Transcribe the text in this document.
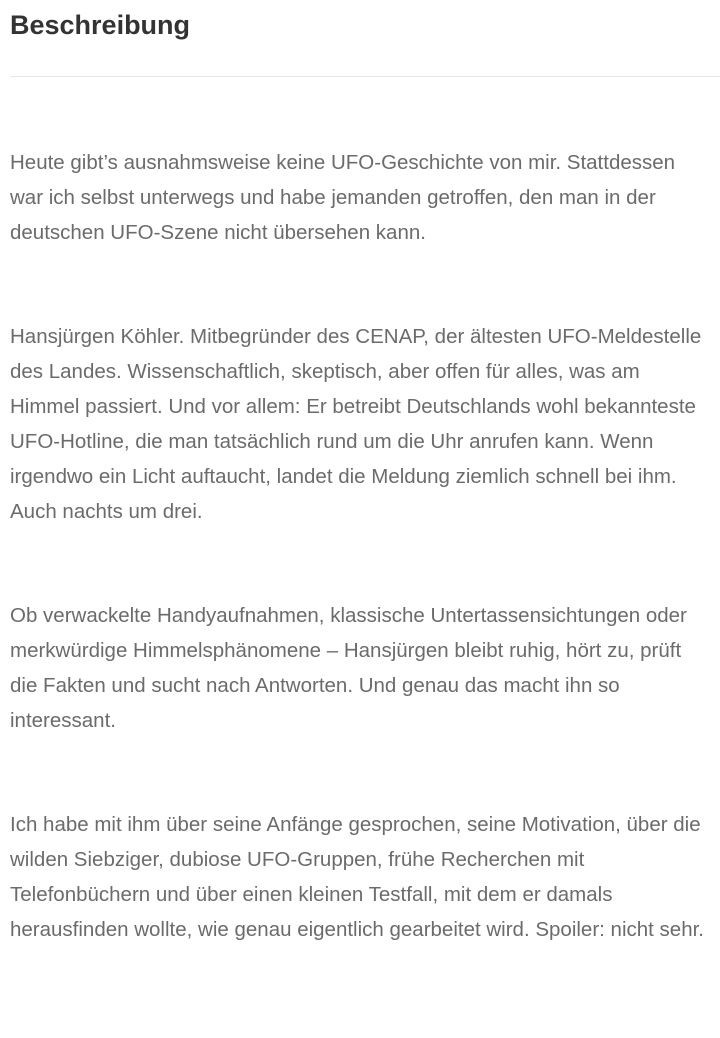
Beschreibung

Heute gibt’s ausnahmsweise keine UFO-Geschichte von mir. Stattdessen war ich selbst unterwegs und habe jemanden getroffen, den man in der deutschen UFO-Szene nicht übersehen kann.

Hansjürgen Köhler. Mitbegründer des CENAP, der ältesten UFO-Meldestelle des Landes. Wissenschaftlich, skeptisch, aber offen für alles, was am Himmel passiert. Und vor allem: Er betreibt Deutschlands wohl bekannteste UFO-Hotline, die man tatsächlich rund um die Uhr anrufen kann. Wenn irgendwo ein Licht auftaucht, landet die Meldung ziemlich schnell bei ihm. Auch nachts um drei.

Ob verwackelte Handyaufnahmen, klassische Untertassensichtungen oder merkwürdige Himmelsphänomene – Hansjürgen bleibt ruhig, hört zu, prüft die Fakten und sucht nach Antworten. Und genau das macht ihn so interessant.

Ich habe mit ihm über seine Anfänge gesprochen, seine Motivation, über die wilden Siebziger, dubiose UFO-Gruppen, frühe Recherchen mit Telefonbüchern und über einen kleinen Testfall, mit dem er damals herausfinden wollte, wie genau eigentlich gearbeitet wird. Spoiler: nicht sehr.
